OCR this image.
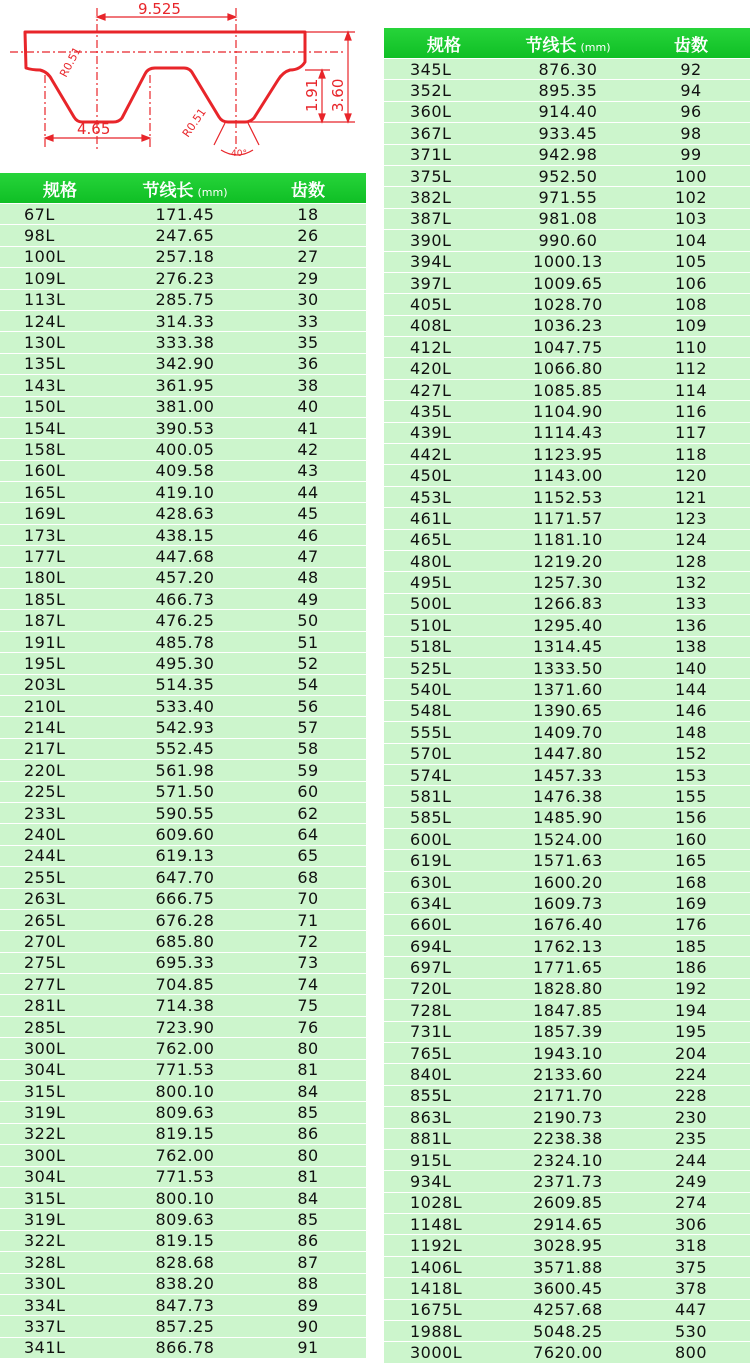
9.525
4.65
3.60
1.91
R0.51
R0.51
40°
规格	节线长 (mm)	齿数
67L	171.45	18
98L	247.65	26
100L	257.18	27
109L	276.23	29
113L	285.75	30
124L	314.33	33
130L	333.38	35
135L	342.90	36
143L	361.95	38
150L	381.00	40
154L	390.53	41
158L	400.05	42
160L	409.58	43
165L	419.10	44
169L	428.63	45
173L	438.15	46
177L	447.68	47
180L	457.20	48
185L	466.73	49
187L	476.25	50
191L	485.78	51
195L	495.30	52
203L	514.35	54
210L	533.40	56
214L	542.93	57
217L	552.45	58
220L	561.98	59
225L	571.50	60
233L	590.55	62
240L	609.60	64
244L	619.13	65
255L	647.70	68
263L	666.75	70
265L	676.28	71
270L	685.80	72
275L	695.33	73
277L	704.85	74
281L	714.38	75
285L	723.90	76
300L	762.00	80
304L	771.53	81
315L	800.10	84
319L	809.63	85
322L	819.15	86
300L	762.00	80
304L	771.53	81
315L	800.10	84
319L	809.63	85
322L	819.15	86
328L	828.68	87
330L	838.20	88
334L	847.73	89
337L	857.25	90
341L	866.78	91
规格	节线长 (mm)	齿数
345L	876.30	92
352L	895.35	94
360L	914.40	96
367L	933.45	98
371L	942.98	99
375L	952.50	100
382L	971.55	102
387L	981.08	103
390L	990.60	104
394L	1000.13	105
397L	1009.65	106
405L	1028.70	108
408L	1036.23	109
412L	1047.75	110
420L	1066.80	112
427L	1085.85	114
435L	1104.90	116
439L	1114.43	117
442L	1123.95	118
450L	1143.00	120
453L	1152.53	121
461L	1171.57	123
465L	1181.10	124
480L	1219.20	128
495L	1257.30	132
500L	1266.83	133
510L	1295.40	136
518L	1314.45	138
525L	1333.50	140
540L	1371.60	144
548L	1390.65	146
555L	1409.70	148
570L	1447.80	152
574L	1457.33	153
581L	1476.38	155
585L	1485.90	156
600L	1524.00	160
619L	1571.63	165
630L	1600.20	168
634L	1609.73	169
660L	1676.40	176
694L	1762.13	185
697L	1771.65	186
720L	1828.80	192
728L	1847.85	194
731L	1857.39	195
765L	1943.10	204
840L	2133.60	224
855L	2171.70	228
863L	2190.73	230
881L	2238.38	235
915L	2324.10	244
934L	2371.73	249
1028L	2609.85	274
1148L	2914.65	306
1192L	3028.95	318
1406L	3571.88	375
1418L	3600.45	378
1675L	4257.68	447
1988L	5048.25	530
3000L	7620.00	800
